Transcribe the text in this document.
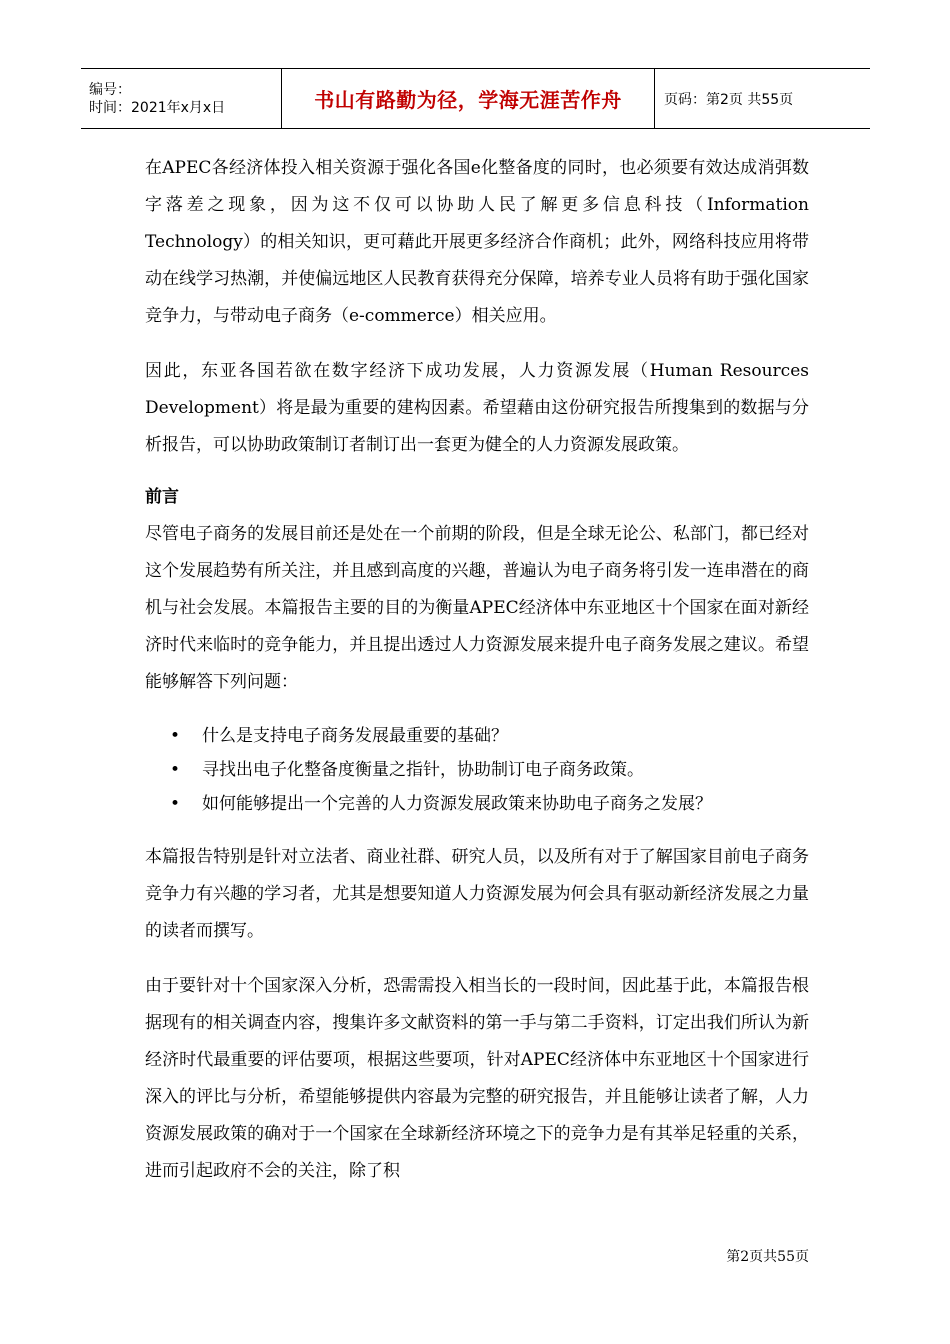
编号：
时间：2021年x月x日	书山有路勤为径，学海无涯苦作舟	页码：第2页 共55页

在APEC各经济体投入相关资源于强化各国e化整备度的同时，也必须要有效达成消弭数字落差之现象，因为这不仅可以协助人民了解更多信息科技（Information Technology）的相关知识，更可藉此开展更多经济合作商机；此外，网络科技应用将带动在线学习热潮，并使偏远地区人民教育获得充分保障，培养专业人员将有助于强化国家竞争力，与带动电子商务（e-commerce）相关应用。

因此，东亚各国若欲在数字经济下成功发展，人力资源发展（Human Resources Development）将是最为重要的建构因素。希望藉由这份研究报告所搜集到的数据与分析报告，可以协助政策制订者制订出一套更为健全的人力资源发展政策。

前言

尽管电子商务的发展目前还是处在一个前期的阶段，但是全球无论公、私部门，都已经对这个发展趋势有所关注，并且感到高度的兴趣，普遍认为电子商务将引发一连串潜在的商机与社会发展。本篇报告主要的目的为衡量APEC经济体中东亚地区十个国家在面对新经济时代来临时的竞争能力，并且提出透过人力资源发展来提升电子商务发展之建议。希望能够解答下列问题：

• 什么是支持电子商务发展最重要的基础？
• 寻找出电子化整备度衡量之指针，协助制订电子商务政策。
• 如何能够提出一个完善的人力资源发展政策来协助电子商务之发展？

本篇报告特别是针对立法者、商业社群、研究人员，以及所有对于了解国家目前电子商务竞争力有兴趣的学习者，尤其是想要知道人力资源发展为何会具有驱动新经济发展之力量的读者而撰写。

由于要针对十个国家深入分析，恐需需投入相当长的一段时间，因此基于此，本篇报告根据现有的相关调查内容，搜集许多文献资料的第一手与第二手资料，订定出我们所认为新经济时代最重要的评估要项，根据这些要项，针对APEC经济体中东亚地区十个国家进行深入的评比与分析，希望能够提供内容最为完整的研究报告，并且能够让读者了解，人力资源发展政策的确对于一个国家在全球新经济环境之下的竞争力是有其举足轻重的关系，进而引起政府不会的关注，除了积

第2页共55页
